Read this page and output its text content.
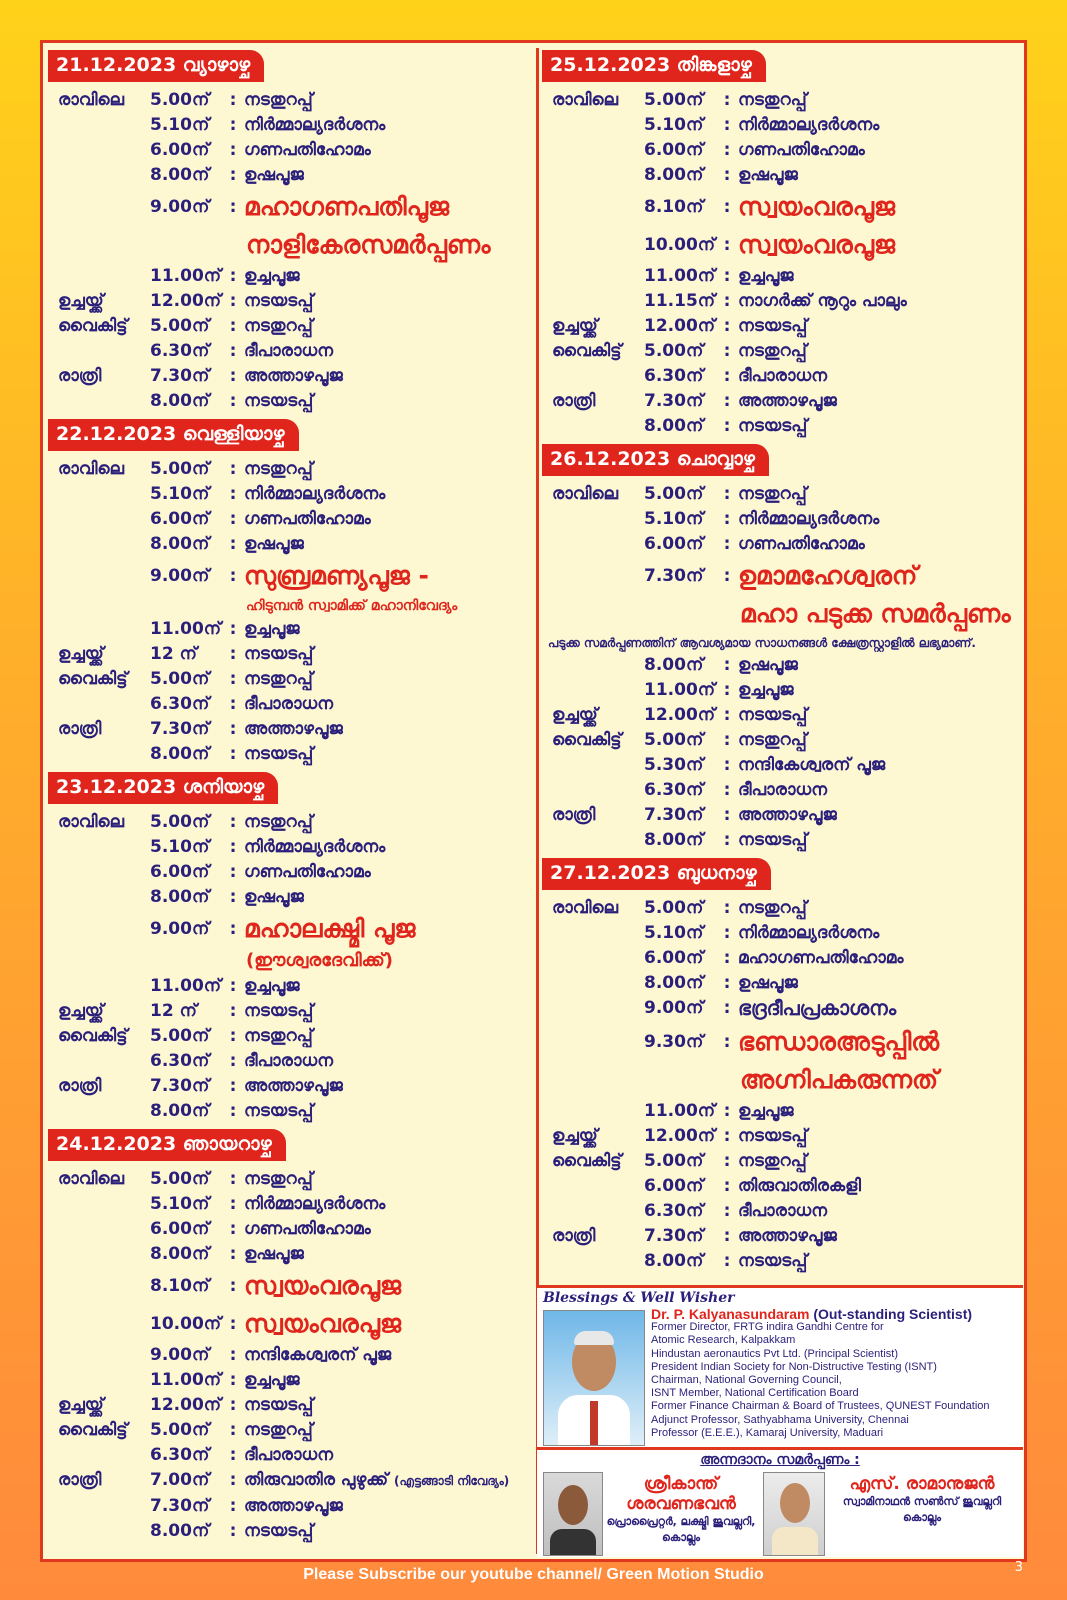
21.12.2023 വ്യാഴാഴ്ച
രാവിലെ	5.00ന്	: നടതുറപ്പ്
5.10ന്	: നിർമ്മാല്യദർശനം
6.00ന്	: ഗണപതിഹോമം
8.00ന്	: ഉഷപൂജ
9.00ന്	: മഹാഗണപതിപൂജ
നാളികേരസമർപ്പണം
11.00ന് : ഉച്ചപൂജ
ഉച്ചയ്ക്ക്	12.00ന് : നടയടപ്പ്
വൈകിട്ട്	5.00ന്	: നടതുറപ്പ്
6.30ന്	: ദീപാരാധന
രാത്രി	7.30ന്	: അത്താഴപൂജ
8.00ന്	: നടയടപ്പ്
22.12.2023 വെള്ളിയാഴ്ച
രാവിലെ	5.00ന്	: നടതുറപ്പ്
5.10ന്	: നിർമ്മാല്യദർശനം
6.00ന്	: ഗണപതിഹോമം
8.00ന്	: ഉഷപൂജ
9.00ന്	: സുബ്രമണ്യപൂജ -
ഹിടുമ്പൻ സ്വാമിക്ക് മഹാനിവേദ്യം
11.00ന് : ഉച്ചപൂജ
ഉച്ചയ്ക്ക്	12 ന്	: നടയടപ്പ്
വൈകിട്ട്	5.00ന്	: നടതുറപ്പ്
6.30ന്	: ദീപാരാധന
രാത്രി	7.30ന്	: അത്താഴപൂജ
8.00ന്	: നടയടപ്പ്
23.12.2023 ശനിയാഴ്ച
രാവിലെ	5.00ന്	: നടതുറപ്പ്
5.10ന്	: നിർമ്മാല്യദർശനം
6.00ന്	: ഗണപതിഹോമം
8.00ന്	: ഉഷപൂജ
9.00ന്	: മഹാലക്ഷ്മി പൂജ
(ഈശ്വരദേവിക്ക്)
11.00ന് : ഉച്ചപൂജ
ഉച്ചയ്ക്ക്	12 ന്	: നടയടപ്പ്
വൈകിട്ട്	5.00ന്	: നടതുറപ്പ്
6.30ന്	: ദീപാരാധന
രാത്രി	7.30ന്	: അത്താഴപൂജ
8.00ന്	: നടയടപ്പ്
24.12.2023 ഞായറാഴ്ച
രാവിലെ	5.00ന്	: നടതുറപ്പ്
5.10ന്	: നിർമ്മാല്യദർശനം
6.00ന്	: ഗണപതിഹോമം
8.00ന്	: ഉഷപൂജ
8.10ന്	: സ്വയംവരപൂജ
10.00ന് : സ്വയംവരപൂജ
9.00ന്	: നന്ദികേശ്വരന് പൂജ
11.00ന് : ഉച്ചപൂജ
ഉച്ചയ്ക്ക്	12.00ന് : നടയടപ്പ്
വൈകിട്ട്	5.00ന്	: നടതുറപ്പ്
6.30ന്	: ദീപാരാധന
രാത്രി	7.00ന്	: തിരുവാതിര പുഴുക്ക് (എട്ടങ്ങാടി നിവേദ്യം)
7.30ന്	: അത്താഴപൂജ
8.00ന്	: നടയടപ്പ്
25.12.2023 തിങ്കളാഴ്ച
രാവിലെ	5.00ന്	: നടതുറപ്പ്
5.10ന്	: നിർമ്മാല്യദർശനം
6.00ന്	: ഗണപതിഹോമം
8.00ന്	: ഉഷപൂജ
8.10ന്	: സ്വയംവരപൂജ
10.00ന് : സ്വയംവരപൂജ
11.00ന് : ഉച്ചപൂജ
11.15ന് : നാഗർക്ക് നൂറും പാലും
ഉച്ചയ്ക്ക്	12.00ന് : നടയടപ്പ്
വൈകിട്ട്	5.00ന്	: നടതുറപ്പ്
6.30ന്	: ദീപാരാധന
രാത്രി	7.30ന്	: അത്താഴപൂജ
8.00ന്	: നടയടപ്പ്
26.12.2023 ചൊവ്വാഴ്ച
രാവിലെ	5.00ന്	: നടതുറപ്പ്
5.10ന്	: നിർമ്മാല്യദർശനം
6.00ന്	: ഗണപതിഹോമം
7.30ന്	: ഉമാമഹേശ്വരന്
മഹാ പടുക്ക സമർപ്പണം
പടുക്ക സമർപ്പണത്തിന് ആവശ്യമായ സാധനങ്ങൾ ക്ഷേത്രസ്റ്റാളിൽ ലഭ്യമാണ്.
8.00ന്	: ഉഷപൂജ
11.00ന് : ഉച്ചപൂജ
ഉച്ചയ്ക്ക്	12.00ന് : നടയടപ്പ്
വൈകിട്ട്	5.00ന്	: നടതുറപ്പ്
5.30ന്	: നന്ദികേശ്വരന് പൂജ
6.30ന്	: ദീപാരാധന
രാത്രി	7.30ന്	: അത്താഴപൂജ
8.00ന്	: നടയടപ്പ്
27.12.2023 ബുധനാഴ്ച
രാവിലെ	5.00ന്	: നടതുറപ്പ്
5.10ന്	: നിർമ്മാല്യദർശനം
6.00ന്	: മഹാഗണപതിഹോമം
8.00ന്	: ഉഷപൂജ
9.00ന്	: ഭദ്രദീപപ്രകാശനം
9.30ന്	: ഭണ്ഡാരഅടുപ്പിൽ
അഗ്നിപകരുന്നത്
11.00ന് : ഉച്ചപൂജ
ഉച്ചയ്ക്ക്	12.00ന് : നടയടപ്പ്
വൈകിട്ട്	5.00ന്	: നടതുറപ്പ്
6.00ന്	: തിരുവാതിരകളി
6.30ന്	: ദീപാരാധന
രാത്രി	7.30ന്	: അത്താഴപൂജ
8.00ന്	: നടയടപ്പ്
Blessings & Well Wisher
Dr. P. Kalyanasundaram (Out-standing Scientist)
Former Director, FRTG indira Gandhi Centre for
Atomic Research, Kalpakkam
Hindustan aeronautics Pvt Ltd. (Principal Scientist)
President Indian Society for Non-Distructive Testing (ISNT)
Chairman, National Governing Council,
ISNT Member, National Certification Board
Former Finance Chairman & Board of Trustees, QUNEST Foundation
Adjunct Professor, Sathyabhama University, Chennai
Professor (E.E.E.), Kamaraj University, Maduari
അന്നദാനം സമർപ്പണം :
ശ്രീകാന്ത് ശരവണഭവൻ
പ്രൊപ്രൈറ്റർ, ലക്ഷ്മി ജുവല്ലറി,
കൊല്ലം
എസ്. രാമാനുജൻ
സ്വാമിനാഥൻ സൺസ് ജുവല്ലറി
കൊല്ലം
Please Subscribe our youtube channel/ Green Motion Studio	3
